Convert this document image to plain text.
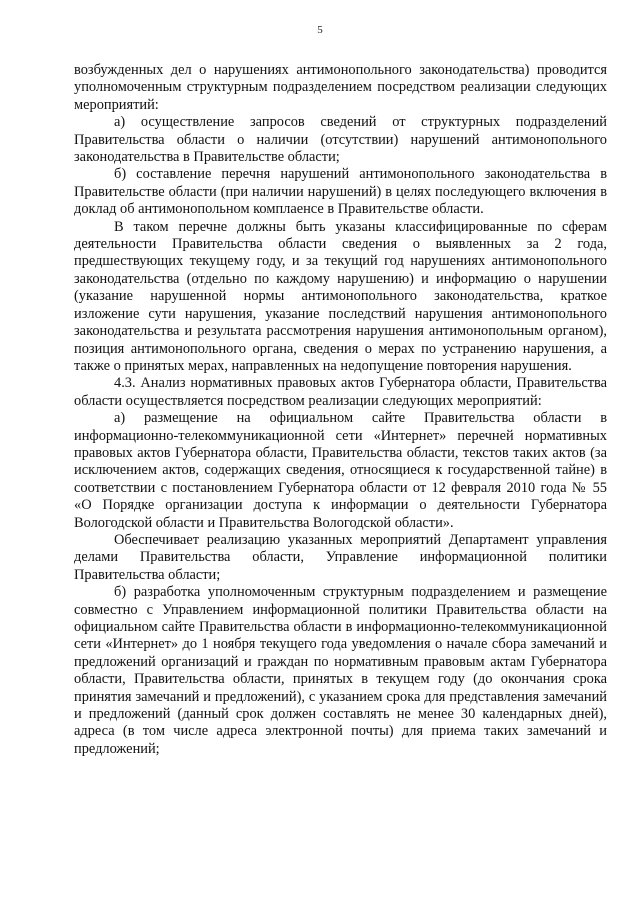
5

возбужденных дел о нарушениях антимонопольного законодательства) проводится уполномоченным структурным подразделением посредством реализации следующих мероприятий:

а) осуществление запросов сведений от структурных подразделений Правительства области о наличии (отсутствии) нарушений антимонопольного законодательства в Правительстве области;

б) составление перечня нарушений антимонопольного законодательства в Правительстве области (при наличии нарушений) в целях последующего включения в доклад об антимонопольном комплаенсе в Правительстве области.

В таком перечне должны быть указаны классифицированные по сферам деятельности Правительства области сведения о выявленных за 2 года, предшествующих текущему году, и за текущий год нарушениях антимонопольного законодательства (отдельно по каждому нарушению) и информацию о нарушении (указание нарушенной нормы антимонопольного законодательства, краткое изложение сути нарушения, указание последствий нарушения антимонопольного законодательства и результата рассмотрения нарушения антимонопольным органом), позиция антимонопольного органа, сведения о мерах по устранению нарушения, а также о принятых мерах, направленных на недопущение повторения нарушения.

4.3. Анализ нормативных правовых актов Губернатора области, Правительства области осуществляется посредством реализации следующих мероприятий:

а) размещение на официальном сайте Правительства области в информационно-телекоммуникационной сети «Интернет» перечней нормативных правовых актов Губернатора области, Правительства области, текстов таких актов (за исключением актов, содержащих сведения, относящиеся к государственной тайне) в соответствии с постановлением Губернатора области от 12 февраля 2010 года № 55 «О Порядке организации доступа к информации о деятельности Губернатора Вологодской области и Правительства Вологодской области».

Обеспечивает реализацию указанных мероприятий Департамент управления делами Правительства области, Управление информационной политики Правительства области;

б) разработка уполномоченным структурным подразделением и размещение совместно с Управлением информационной политики Правительства области на официальном сайте Правительства области в информационно-телекоммуникационной сети «Интернет» до 1 ноября текущего года уведомления о начале сбора замечаний и предложений организаций и граждан по нормативным правовым актам Губернатора области, Правительства области, принятых в текущем году (до окончания срока принятия замечаний и предложений), с указанием срока для представления замечаний и предложений (данный срок должен составлять не менее 30 календарных дней), адреса (в том числе адреса электронной почты) для приема таких замечаний и предложений;
